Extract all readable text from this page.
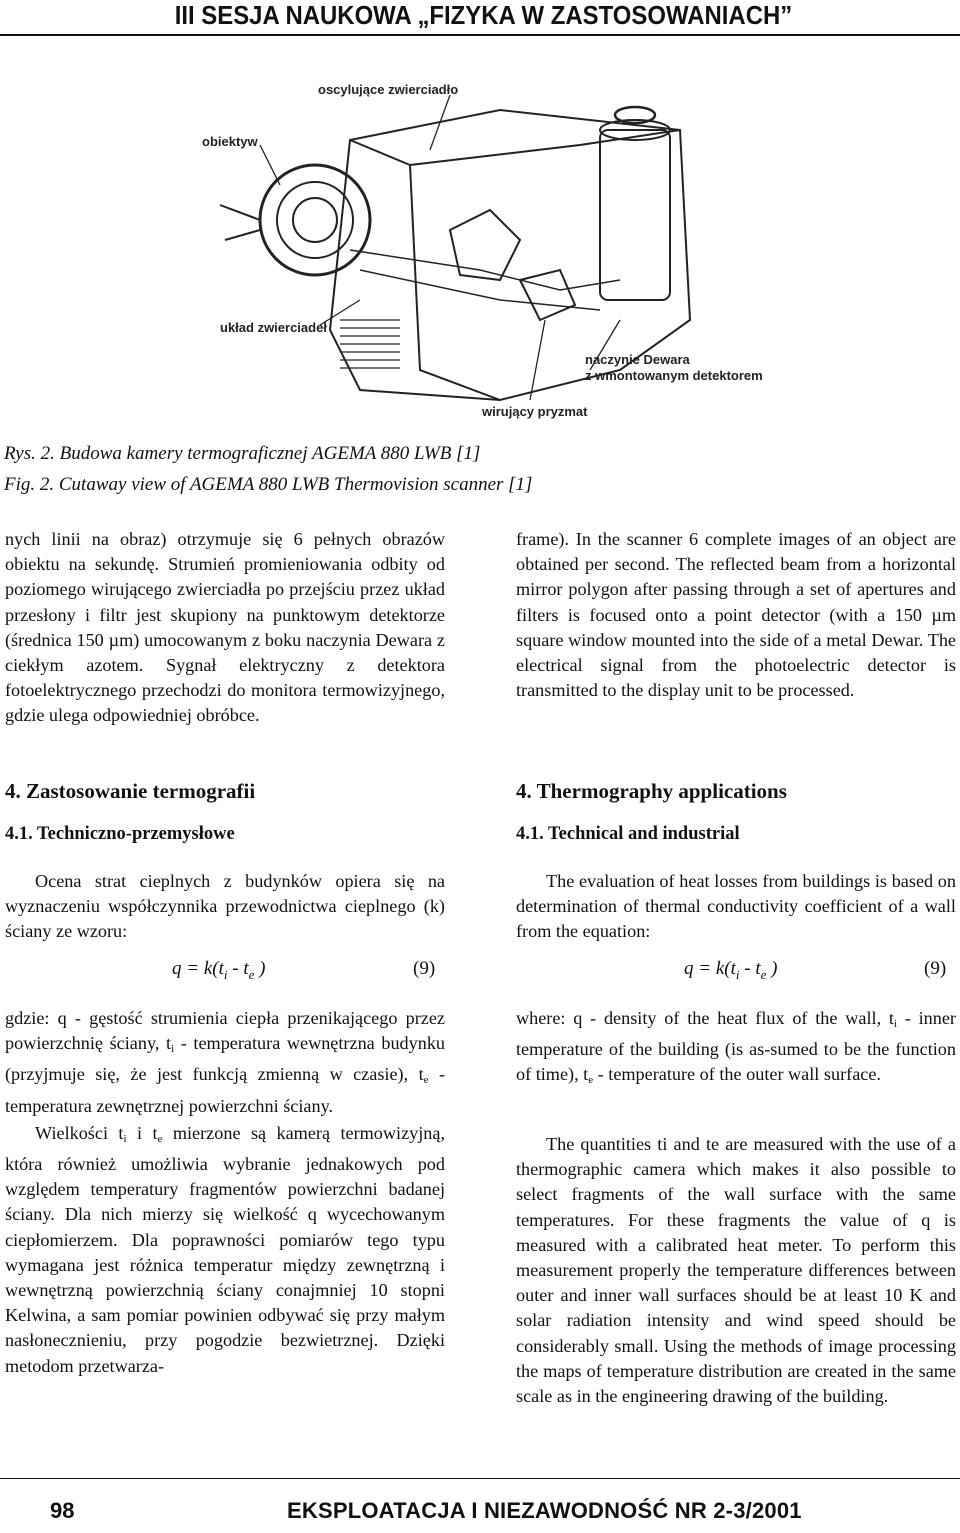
III SESJA NAUKOWA „FIZYKA W ZASTOSOWANIACH”
oscylujące zwierciadło
obiektyw
układ zwierciadeł
naczynie Dewara
z wmontowanym detektorem
wirujący pryzmat
Rys. 2. Budowa kamery termograficznej AGEMA 880 LWB [1]
Fig. 2. Cutaway view of AGEMA 880 LWB Thermovision scanner [1]

nych linii na obraz) otrzymuje się 6 pełnych obrazów obiektu na sekundę. Strumień promieniowania odbity od poziomego wirującego zwierciadła po przejściu przez układ przesłony i filtr jest skupiony na punktowym detektorze (średnica 150 µm) umocowanym z boku naczynia Dewara z ciekłym azotem. Sygnał elektryczny z detektora fotoelektrycznego przechodzi do monitora termowizyjnego, gdzie ulega odpowiedniej obróbce.

4. Zastosowanie termografii
4.1. Techniczno-przemysłowe

Ocena strat cieplnych z budynków opiera się na wyznaczeniu współczynnika przewodnictwa cieplnego (k) ściany ze wzoru:

$q = k(t_i - t_e$ )	(9)

gdzie: q - gęstość strumienia ciepła przenikającego przez powierzchnię ściany, $t_i$ - temperatura wewnętrzna budynku (przyjmuje się, że jest funkcją zmienną w czasie), $t_e$ - temperatura zewnętrznej powierzchni ściany.

Wielkości $t_i$ i $t_e$ mierzone są kamerą termowizyjną, która również umożliwia wybranie jednakowych pod względem temperatury fragmentów powierzchni badanej ściany. Dla nich mierzy się wielkość q wycechowanym ciepłomierzem. Dla poprawności pomiarów tego typu wymagana jest różnica temperatur między zewnętrzną i wewnętrzną powierzchnią ściany conajmniej 10 stopni Kelwina, a sam pomiar powinien odbywać się przy małym nasłonecznieniu, przy pogodzie bezwietrznej. Dzięki metodom przetwarza-

frame). In the scanner 6 complete images of an object are obtained per second. The reflected beam from a horizontal mirror polygon after passing through a set of apertures and filters is focused onto a point detector (with a 150 µm square window mounted into the side of a metal Dewar. The electrical signal from the photoelectric detector is transmitted to the display unit to be processed.

4. Thermography applications
4.1. Technical and industrial

The evaluation of heat losses from buildings is based on determination of thermal conductivity coefficient of a wall from the equation:

$q = k(t_i - t_e$ )	(9)

where: q - density of the heat flux of the wall, $t_i$ - inner temperature of the building (is as-sumed to be the function of time), $t_e$ - temperature of the outer wall surface.

The quantities ti and te are measured with the use of a thermographic camera which makes it also possible to select fragments of the wall surface with the same temperatures. For these fragments the value of q is measured with a calibrated heat meter. To perform this measurement properly the temperature differences between outer and inner wall surfaces should be at least 10 K and solar radiation intensity and wind speed should be considerably small. Using the methods of image processing the maps of temperature distribution are created in the same scale as in the engineering drawing of the building.

98	EKSPLOATACJA I NIEZAWODNOŚĆ NR 2-3/2001
